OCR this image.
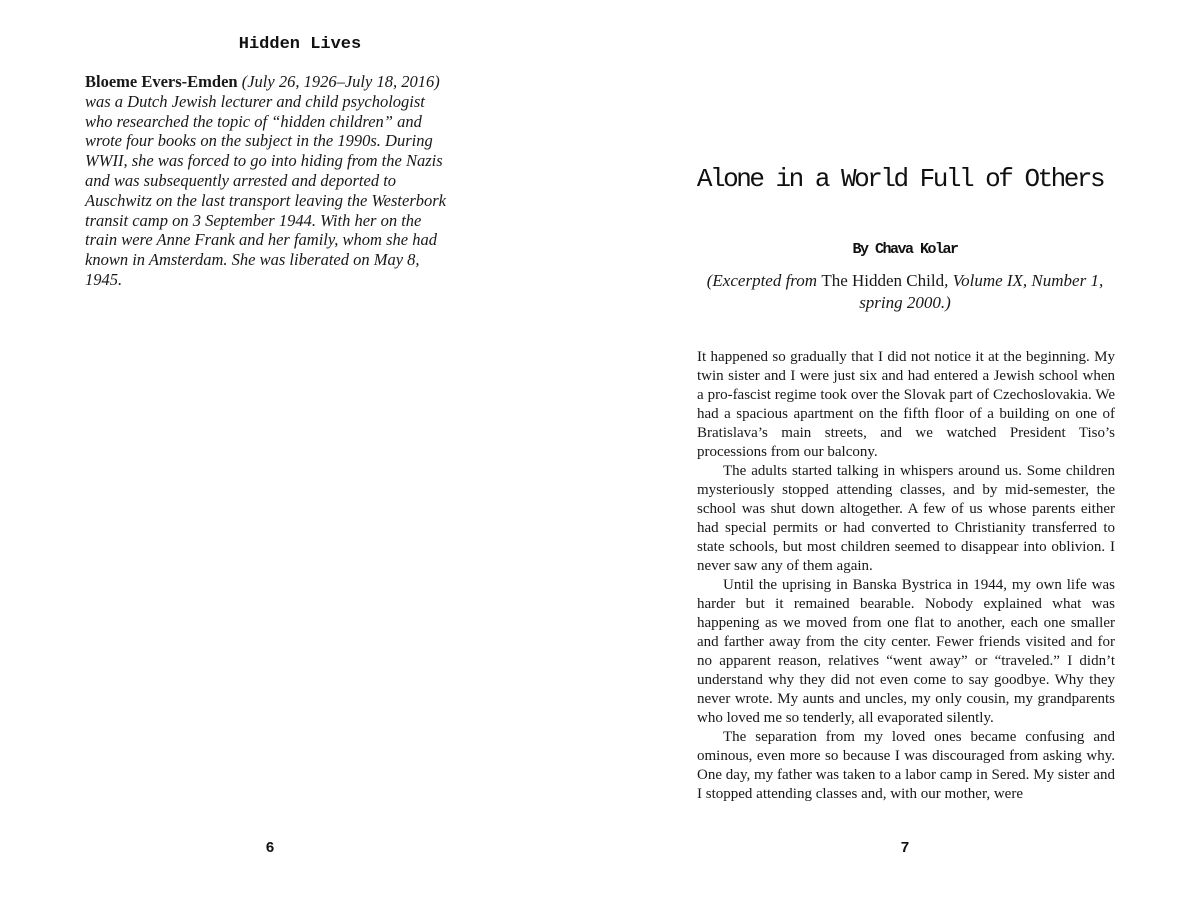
Hidden Lives
Bloeme Evers-Emden (July 26, 1926–July 18, 2016) was a Dutch Jewish lecturer and child psychologist who researched the topic of “hidden children” and wrote four books on the subject in the 1990s. During WWII, she was forced to go into hiding from the Nazis and was subsequently arrested and deported to Auschwitz on the last transport leaving the Westerbork transit camp on 3 September 1944. With her on the train were Anne Frank and her family, whom she had known in Amsterdam. She was liberated on May 8, 1945.
6
Alone in a World Full of Others
By Chava Kolar
(Excerpted from The Hidden Child, Volume IX, Number 1,
spring 2000.)

It happened so gradually that I did not notice it at the beginning. My twin sister and I were just six and had entered a Jewish school when a pro-fascist regime took over the Slovak part of Czechoslovakia. We had a spacious apartment on the fifth floor of a building on one of Bratislava’s main streets, and we watched President Tiso’s processions from our balcony.

The adults started talking in whispers around us. Some children mysteriously stopped attending classes, and by mid-semester, the school was shut down altogether. A few of us whose parents either had special permits or had converted to Christianity transferred to state schools, but most children seemed to disappear into oblivion. I never saw any of them again.

Until the uprising in Banska Bystrica in 1944, my own life was harder but it remained bearable. Nobody explained what was happening as we moved from one flat to another, each one smaller and farther away from the city center. Fewer friends visited and for no apparent reason, relatives “went away” or “traveled.” I didn’t understand why they did not even come to say goodbye. Why they never wrote. My aunts and uncles, my only cousin, my grandparents who loved me so tenderly, all evaporated silently.

The separation from my loved ones became confusing and ominous, even more so because I was discouraged from asking why. One day, my father was taken to a labor camp in Sered. My sister and I stopped attending classes and, with our mother, were

7
